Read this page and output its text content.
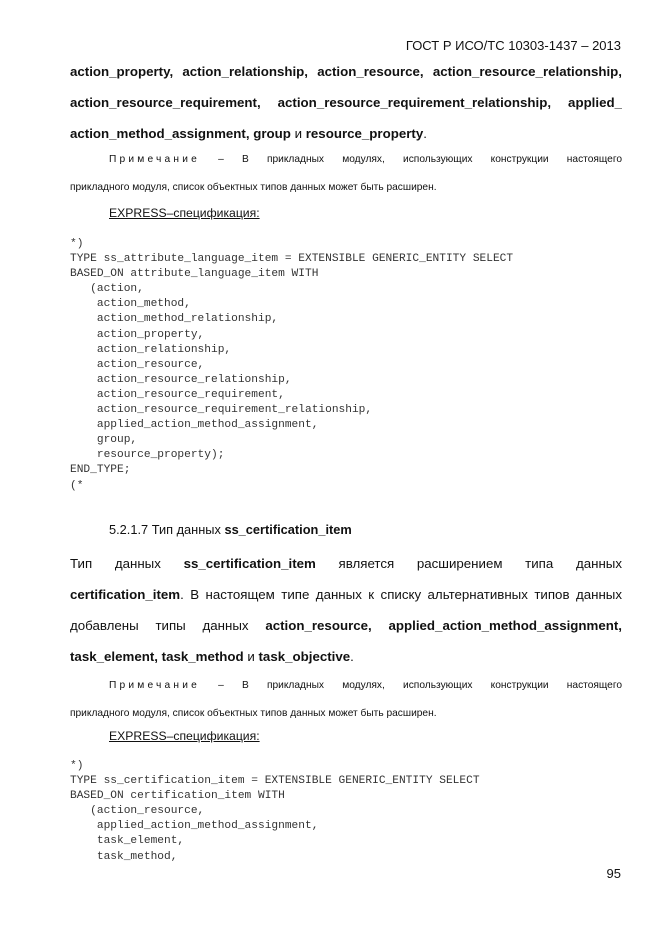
ГОСТ Р ИСО/ТС 10303-1437 – 2013
action_property, action_relationship, action_resource, action_resource_relationship,
action_resource_requirement, action_resource_requirement_relationship, applied_
action_method_assignment, group и resource_property.
Примечание – В прикладных модулях, использующих конструкции настоящего
прикладного модуля, список объектных типов данных может быть расширен.
EXPRESS–спецификация:
*)
TYPE ss_attribute_language_item = EXTENSIBLE GENERIC_ENTITY SELECT
BASED_ON attribute_language_item WITH
(action,
action_method,
action_method_relationship,
action_property,
action_relationship,
action_resource,
action_resource_relationship,
action_resource_requirement,
action_resource_requirement_relationship,
applied_action_method_assignment,
group,
resource_property);
END_TYPE;
(*
5.2.1.7 Тип данных ss_certification_item
Тип данных ss_certification_item является расширением типа данных
certification_item. В настоящем типе данных к списку альтернативных типов данных
добавлены типы данных action_resource, applied_action_method_assignment,
task_element, task_method и task_objective.
Примечание – В прикладных модулях, использующих конструкции настоящего
прикладного модуля, список объектных типов данных может быть расширен.
EXPRESS–спецификация:
*)
TYPE ss_certification_item = EXTENSIBLE GENERIC_ENTITY SELECT
BASED_ON certification_item WITH
(action_resource,
applied_action_method_assignment,
task_element,
task_method,
95
